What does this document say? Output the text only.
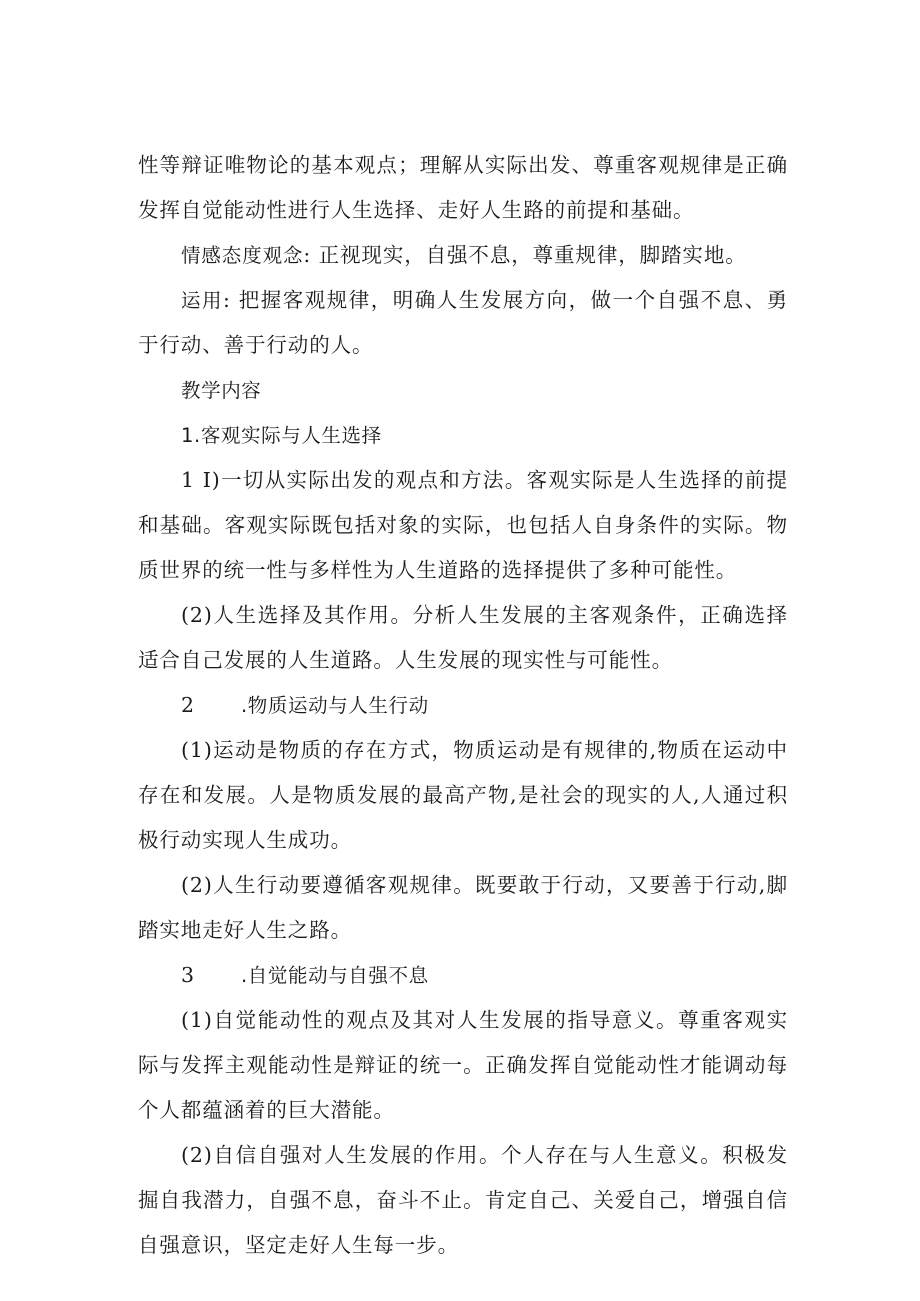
性等辩证唯物论的基本观点；理解从实际出发、尊重客观规律是正确发挥自觉能动性进行人生选择、走好人生路的前提和基础。

情感态度观念: 正视现实，自强不息，尊重规律，脚踏实地。

运用: 把握客观规律，明确人生发展方向，做一个自强不息、勇于行动、善于行动的人。

教学内容

1.客观实际与人生选择

1 I)一切从实际出发的观点和方法。客观实际是人生选择的前提和基础。客观实际既包括对象的实际，也包括人自身条件的实际。物质世界的统一性与多样性为人生道路的选择提供了多种可能性。

(2)人生选择及其作用。分析人生发展的主客观条件，正确选择适合自己发展的人生道路。人生发展的现实性与可能性。

2	.物质运动与人生行动

(1)运动是物质的存在方式，物质运动是有规律的,物质在运动中存在和发展。人是物质发展的最高产物,是社会的现实的人,人通过积极行动实现人生成功。

(2)人生行动要遵循客观规律。既要敢于行动，又要善于行动,脚踏实地走好人生之路。

3	.自觉能动与自强不息

(1)自觉能动性的观点及其对人生发展的指导意义。尊重客观实际与发挥主观能动性是辩证的统一。正确发挥自觉能动性才能调动每个人都蕴涵着的巨大潜能。

(2)自信自强对人生发展的作用。个人存在与人生意义。积极发掘自我潜力，自强不息，奋斗不止。肯定自己、关爱自己，增强自信自强意识，坚定走好人生每一步。
